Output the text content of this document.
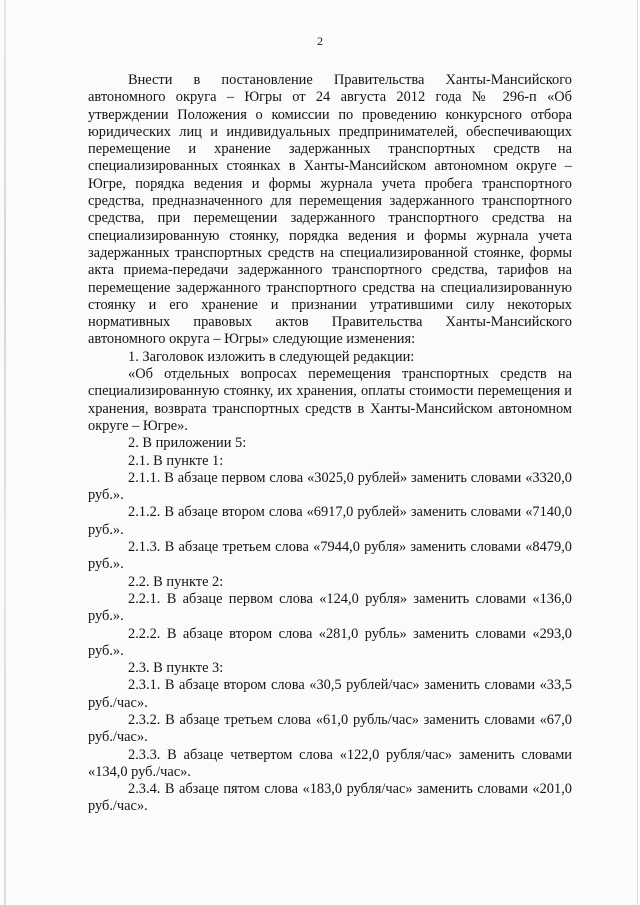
2

Внести в постановление Правительства Ханты-Мансийского автономного округа – Югры от 24 августа 2012 года № 296-п «Об утверждении Положения о комиссии по проведению конкурсного отбора юридических лиц и индивидуальных предпринимателей, обеспечивающих перемещение и хранение задержанных транспортных средств на специализированных стоянках в Ханты-Мансийском автономном округе – Югре, порядка ведения и формы журнала учета пробега транспортного средства, предназначенного для перемещения задержанного транспортного средства, при перемещении задержанного транспортного средства на специализированную стоянку, порядка ведения и формы журнала учета задержанных транспортных средств на специализированной стоянке, формы акта приема-передачи задержанного транспортного средства, тарифов на перемещение задержанного транспортного средства на специализированную стоянку и его хранение и признании утратившими силу некоторых нормативных правовых актов Правительства Ханты-Мансийского автономного округа – Югры» следующие изменения:

1. Заголовок изложить в следующей редакции:

«Об отдельных вопросах перемещения транспортных средств на специализированную стоянку, их хранения, оплаты стоимости перемещения и хранения, возврата транспортных средств в Ханты-Мансийском автономном округе – Югре».

2. В приложении 5:

2.1. В пункте 1:

2.1.1. В абзаце первом слова «3025,0 рублей» заменить словами «3320,0 руб.».

2.1.2. В абзаце втором слова «6917,0 рублей» заменить словами «7140,0 руб.».

2.1.3. В абзаце третьем слова «7944,0 рубля» заменить словами «8479,0 руб.».

2.2. В пункте 2:

2.2.1. В абзаце первом слова «124,0 рубля» заменить словами «136,0 руб.».

2.2.2. В абзаце втором слова «281,0 рубль» заменить словами «293,0 руб.».

2.3. В пункте 3:

2.3.1. В абзаце втором слова «30,5 рублей/час» заменить словами «33,5 руб./час».

2.3.2. В абзаце третьем слова «61,0 рубль/час» заменить словами «67,0 руб./час».

2.3.3. В абзаце четвертом слова «122,0 рубля/час» заменить словами «134,0 руб./час».

2.3.4. В абзаце пятом слова «183,0 рубля/час» заменить словами «201,0 руб./час».
